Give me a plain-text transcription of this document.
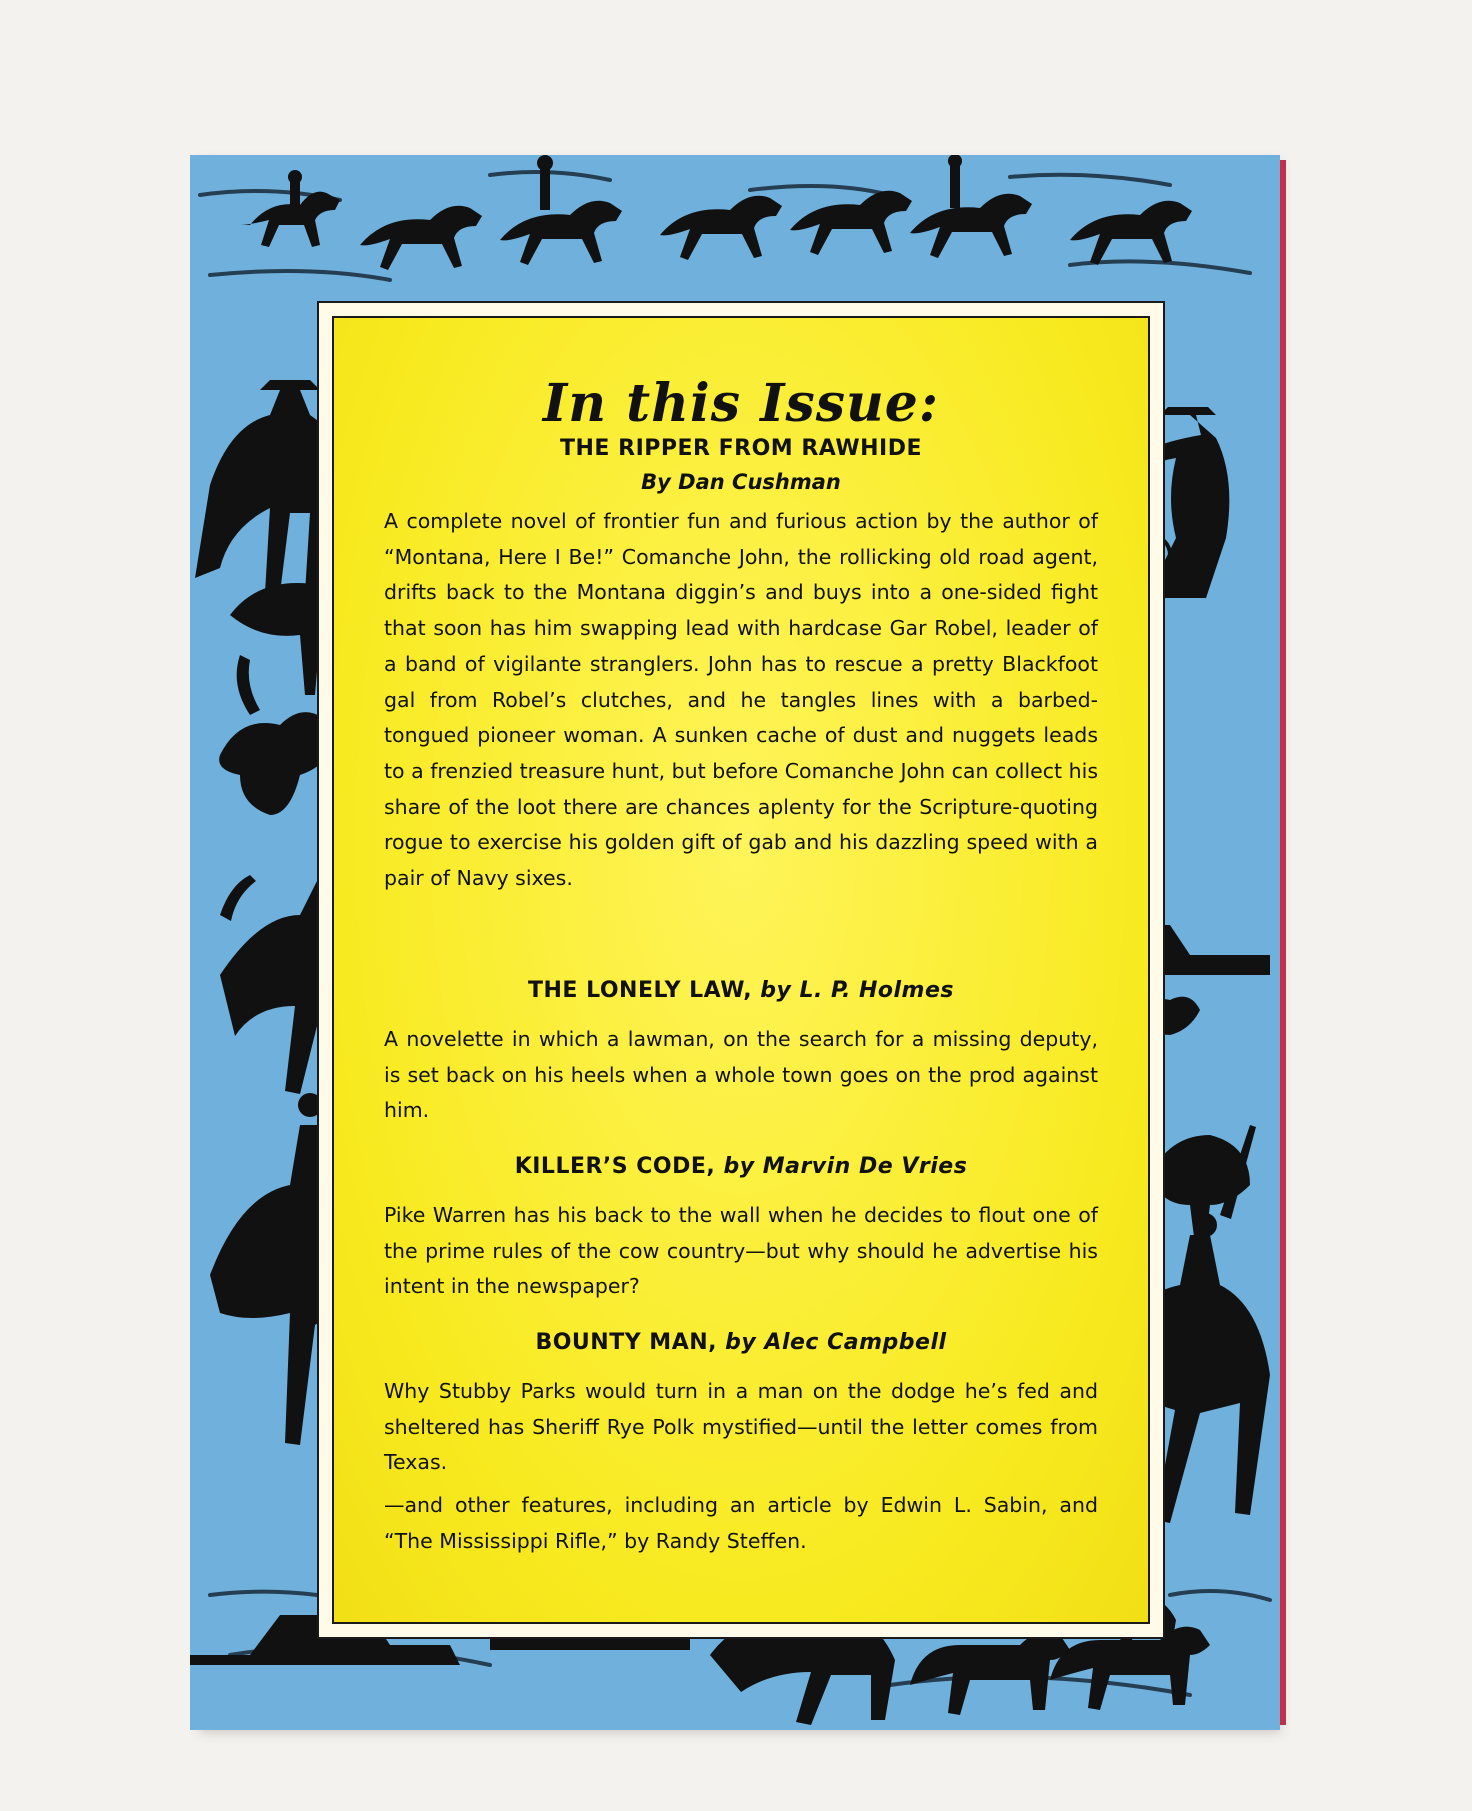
In this Issue:
THE RIPPER FROM RAWHIDE
By Dan Cushman
A complete novel of frontier fun and furious action by the author of “Montana, Here I Be!” Comanche John, the rollicking old road agent, drifts back to the Montana diggin’s and buys into a one-sided fight that soon has him swapping lead with hardcase Gar Robel, leader of a band of vigilante stranglers. John has to rescue a pretty Blackfoot gal from Robel’s clutches, and he tangles lines with a barbed-tongued pioneer woman. A sunken cache of dust and nuggets leads to a frenzied treasure hunt, but before Comanche John can collect his share of the loot there are chances aplenty for the Scripture-quoting rogue to exercise his golden gift of gab and his dazzling speed with a pair of Navy sixes.
THE LONELY LAW, by L. P. Holmes
A novelette in which a lawman, on the search for a missing deputy, is set back on his heels when a whole town goes on the prod against him.
KILLER’S CODE, by Marvin De Vries
Pike Warren has his back to the wall when he decides to flout one of the prime rules of the cow country—but why should he advertise his intent in the newspaper?
BOUNTY MAN, by Alec Campbell
Why Stubby Parks would turn in a man on the dodge he’s fed and sheltered has Sheriff Rye Polk mystified—until the letter comes from Texas.
—and other features, including an article by Edwin L. Sabin, and “The Mississippi Rifle,” by Randy Steffen.
